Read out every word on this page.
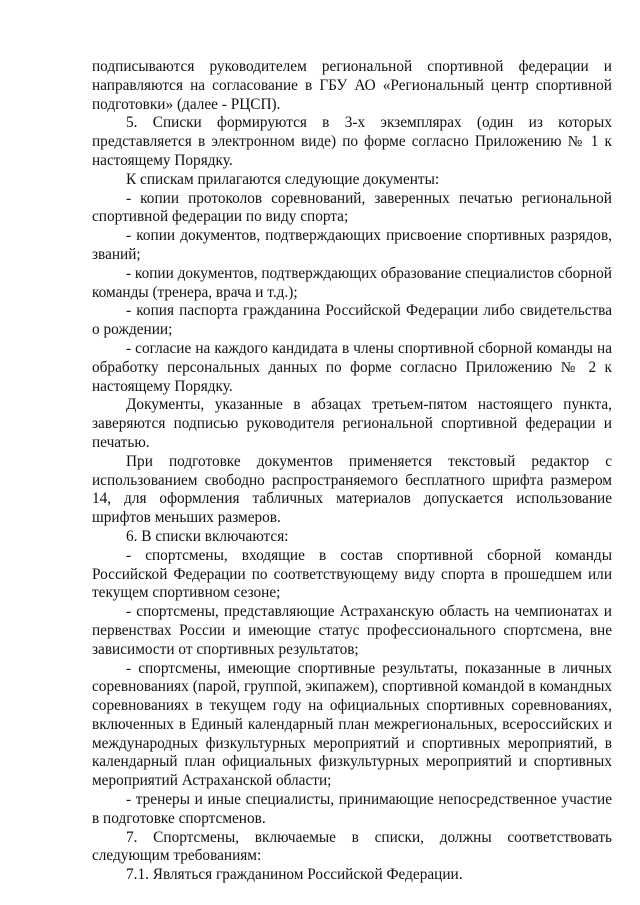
подписываются руководителем региональной спортивной федерации и направляются на согласование в ГБУ АО «Региональный центр спортивной подготовки» (далее - РЦСП).

5. Списки формируются в 3-х экземплярах (один из которых представляется в электронном виде) по форме согласно Приложению № 1 к настоящему Порядку.

К спискам прилагаются следующие документы:

- копии протоколов соревнований, заверенных печатью региональной спортивной федерации по виду спорта;

- копии документов, подтверждающих присвоение спортивных разрядов, званий;

- копии документов, подтверждающих образование специалистов сборной команды (тренера, врача и т.д.);

- копия паспорта гражданина Российской Федерации либо свидетельства о рождении;

- согласие на каждого кандидата в члены спортивной сборной команды на обработку персональных данных по форме согласно Приложению № 2 к настоящему Порядку.

Документы, указанные в абзацах третьем-пятом настоящего пункта, заверяются подписью руководителя региональной спортивной федерации и печатью.

При подготовке документов применяется текстовый редактор с использованием свободно распространяемого бесплатного шрифта размером 14, для оформления табличных материалов допускается использование шрифтов меньших размеров.

6. В списки включаются:

- спортсмены, входящие в состав спортивной сборной команды Российской Федерации по соответствующему виду спорта в прошедшем или текущем спортивном сезоне;

- спортсмены, представляющие Астраханскую область на чемпионатах и первенствах России и имеющие статус профессионального спортсмена, вне зависимости от спортивных результатов;

- спортсмены, имеющие спортивные результаты, показанные в личных соревнованиях (парой, группой, экипажем), спортивной командой в командных соревнованиях в текущем году на официальных спортивных соревнованиях, включенных в Единый календарный план межрегиональных, всероссийских и международных физкультурных мероприятий и спортивных мероприятий, в календарный план официальных физкультурных мероприятий и спортивных мероприятий Астраханской области;

- тренеры и иные специалисты, принимающие непосредственное участие в подготовке спортсменов.

7. Спортсмены, включаемые в списки, должны соответствовать следующим требованиям:

7.1. Являться гражданином Российской Федерации.
